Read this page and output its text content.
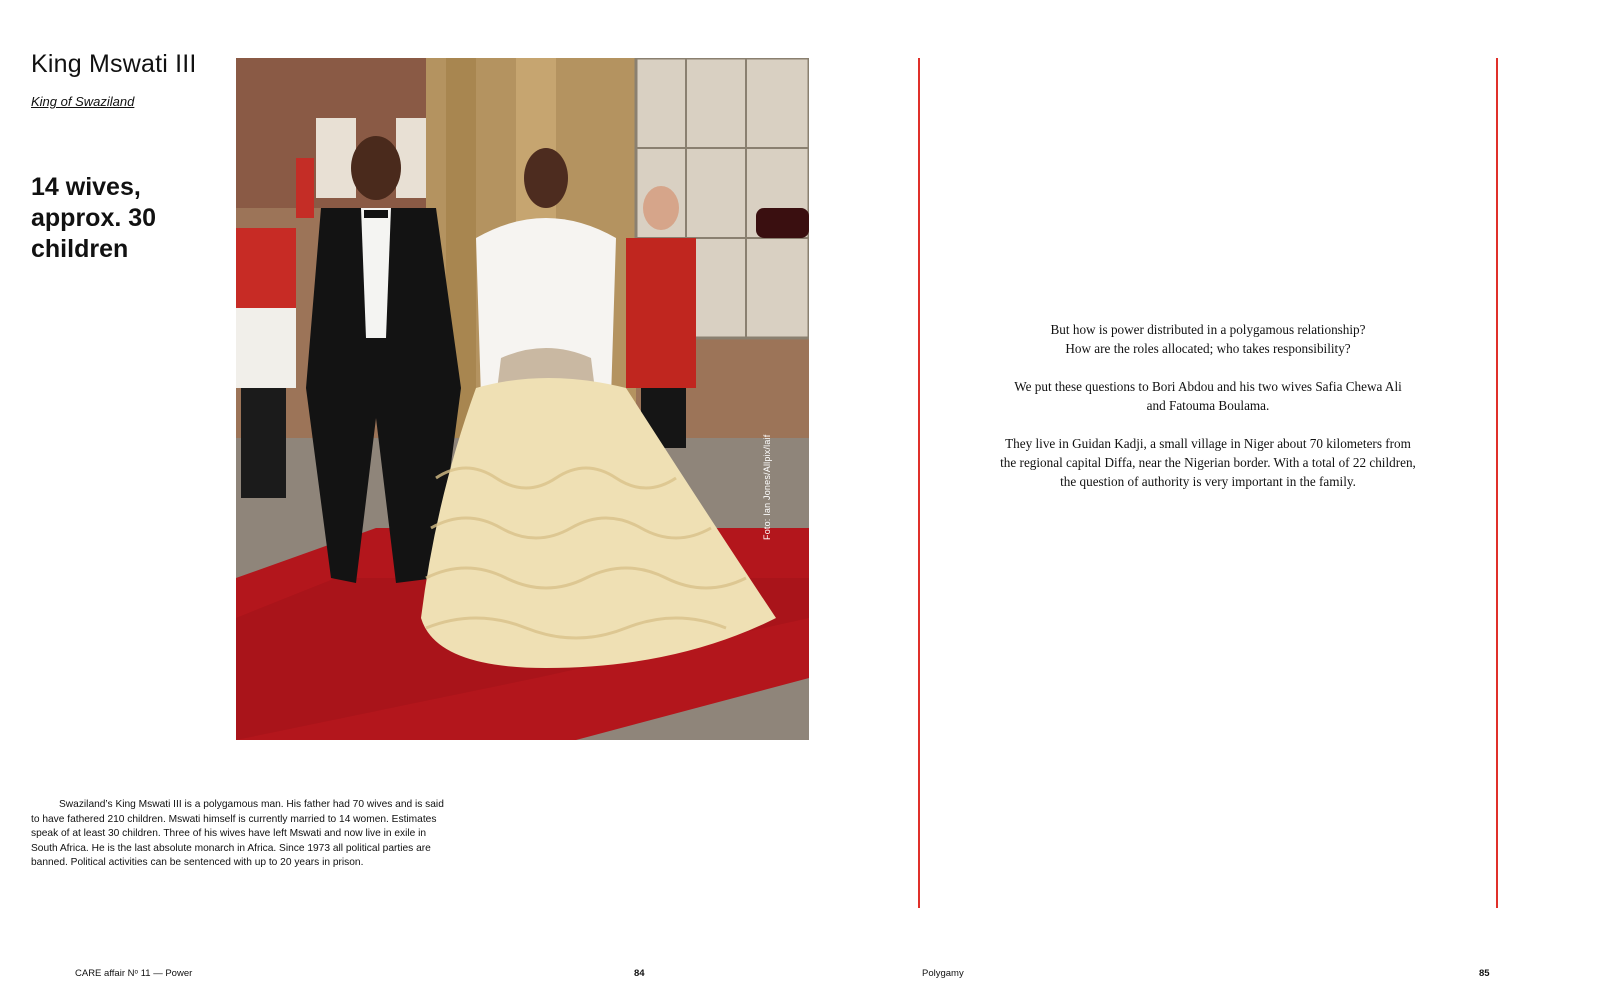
King Mswati III

King of Swaziland

14 wives,
approx. 30
children
Foto: Ian Jones/Allpix/laif

Swaziland’s King Mswati III is a polygamous man. His father had 70 wives and is said
to have fathered 210 children. Mswati himself is currently married to 14 women. Estimates
speak of at least 30 children. Three of his wives have left Mswati and now live in exile in
South Africa. He is the last absolute monarch in Africa. Since 1973 all political parties are
banned. Political activities can be sentenced with up to 20 years in prison.

But how is power distributed in a polygamous relationship?
How are the roles allocated; who takes responsibility?

We put these questions to Bori Abdou and his two wives Safia Chewa Ali
and Fatouma Boulama.

They live in Guidan Kadji, a small village in Niger about 70 kilometers from
the regional capital Diffa, near the Nigerian border. With a total of 22 children,
the question of authority is very important in the family.

CARE affair Nᵒ 11 — Power	84	Polygamy	85
